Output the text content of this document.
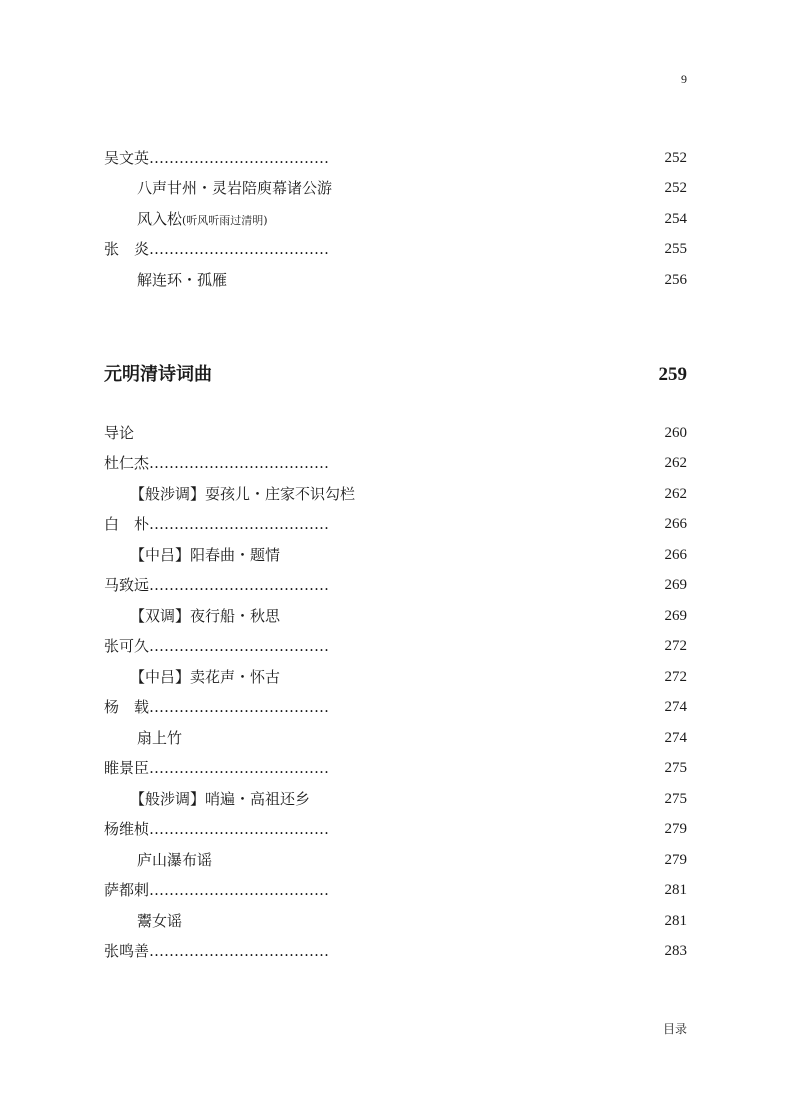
9
吴文英………………………………	252
八声甘州・灵岩陪庾幕诸公游	252
风入松(听风听雨过清明)	254
张　炎………………………………	255
解连环・孤雁	256
元明清诗词曲	259
导论	260
杜仁杰………………………………	262
【般涉调】耍孩儿・庄家不识勾栏	262
白　朴………………………………	266
【中吕】阳春曲・题情	266
马致远………………………………	269
【双调】夜行船・秋思	269
张可久………………………………	272
【中吕】卖花声・怀古	272
杨　载………………………………	274
扇上竹	274
睢景臣………………………………	275
【般涉调】哨遍・高祖还乡	275
杨维桢………………………………	279
庐山瀑布谣	279
萨都剌………………………………	281
鬻女谣	281
张鸣善………………………………	283
目录
